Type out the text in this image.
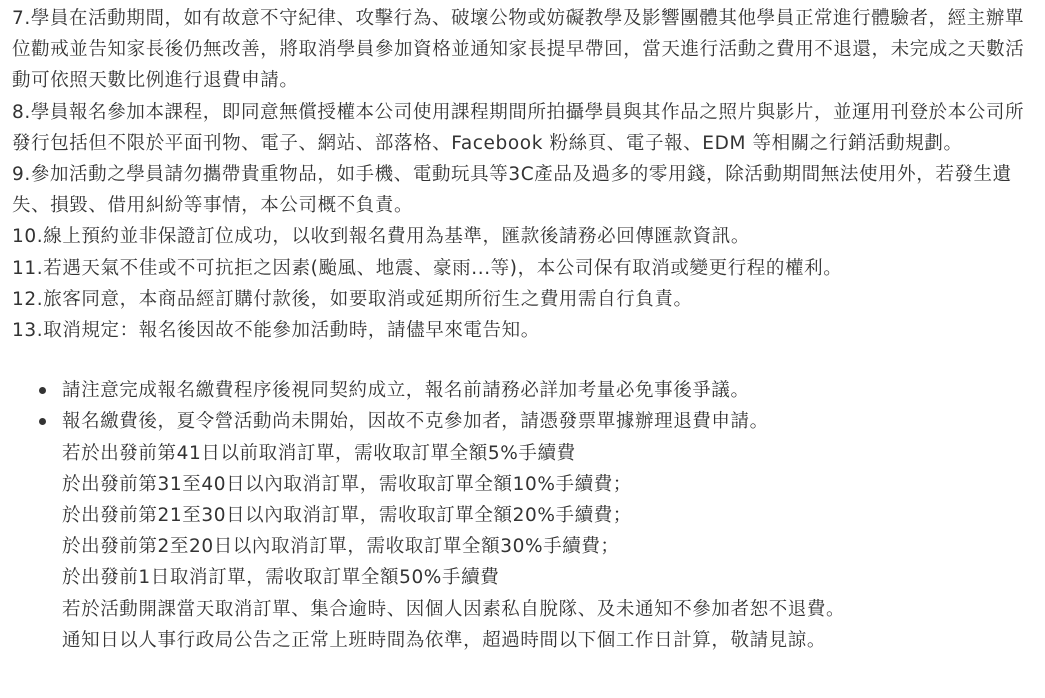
7.學員在活動期間，如有故意不守紀律、攻擊行為、破壞公物或妨礙教學及影響團體其他學員正常進行體驗者，經主辦單位勸戒並告知家長後仍無改善，將取消學員參加資格並通知家長提早帶回，當天進行活動之費用不退還，未完成之天數活動可依照天數比例進行退費申請。

8.學員報名參加本課程，即同意無償授權本公司使用課程期間所拍攝學員與其作品之照片與影片，並運用刊登於本公司所發行包括但不限於平面刊物、電子、網站、部落格、Facebook 粉絲頁、電子報、EDM 等相關之行銷活動規劃。

9.參加活動之學員請勿攜帶貴重物品，如手機、電動玩具等3C產品及過多的零用錢，除活動期間無法使用外，若發生遺失、損毀、借用糾紛等事情，本公司概不負責。

10.線上預約並非保證訂位成功，以收到報名費用為基準，匯款後請務必回傳匯款資訊。

11.若遇天氣不佳或不可抗拒之因素(颱風、地震、豪雨...等)，本公司保有取消或變更行程的權利。

12.旅客同意，本商品經訂購付款後，如要取消或延期所衍生之費用需自行負責。

13.取消規定：報名後因故不能參加活動時，請儘早來電告知。

請注意完成報名繳費程序後視同契約成立，報名前請務必詳加考量必免事後爭議。
報名繳費後，夏令營活動尚未開始，因故不克參加者，請憑發票單據辦理退費申請。
若於出發前第41日以前取消訂單，需收取訂單全額5%手續費
於出發前第31至40日以內取消訂單，需收取訂單全額10%手續費；
於出發前第21至30日以內取消訂單，需收取訂單全額20%手續費；
於出發前第2至20日以內取消訂單，需收取訂單全額30%手續費；
於出發前1日取消訂單，需收取訂單全額50%手續費
若於活動開課當天取消訂單、集合逾時、因個人因素私自脫隊、及未通知不參加者恕不退費。
通知日以人事行政局公告之正常上班時間為依準，超過時間以下個工作日計算，敬請見諒。
